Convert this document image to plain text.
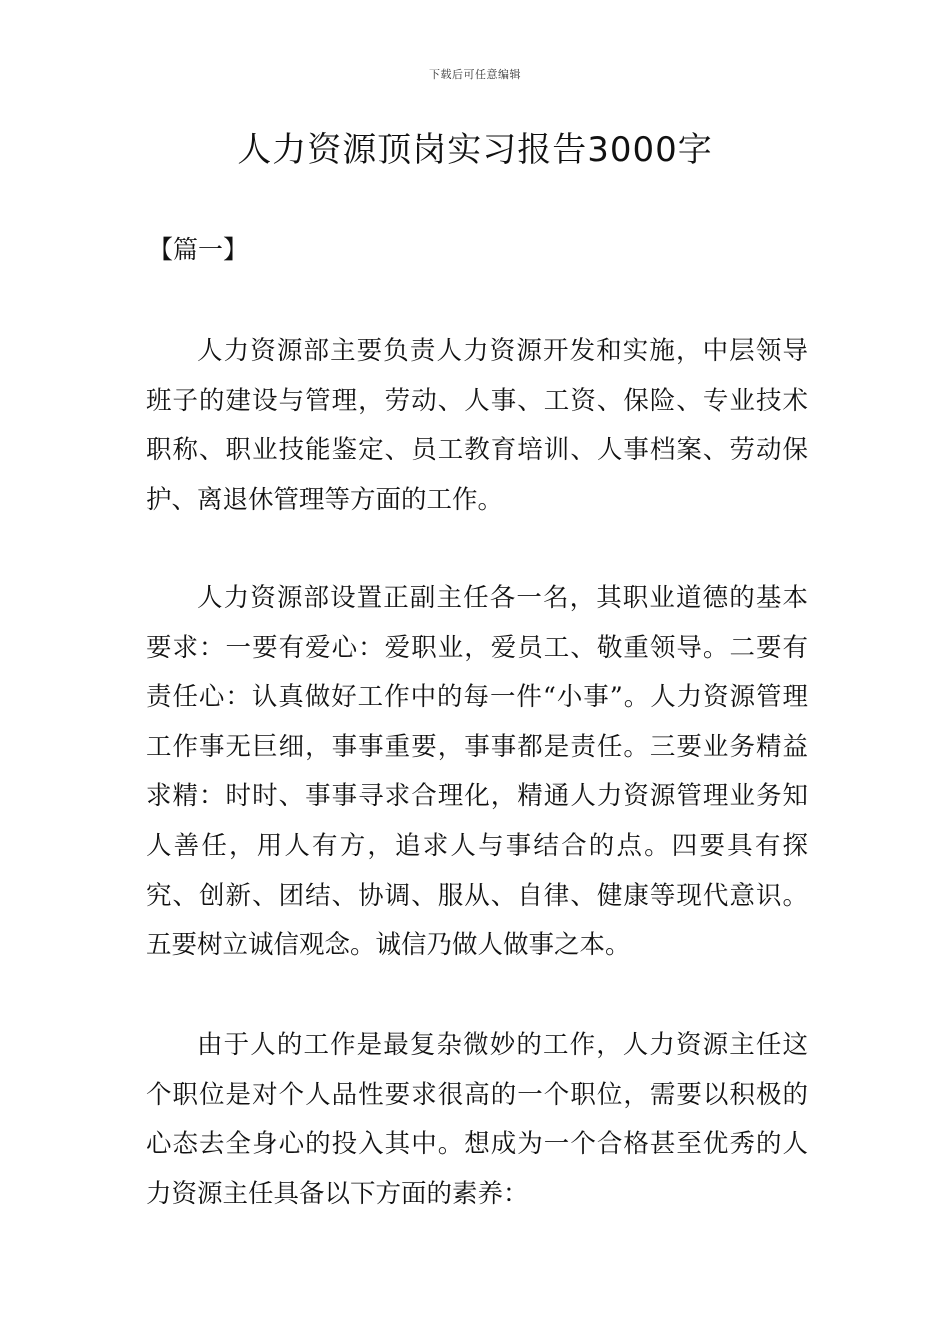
下载后可任意编辑
人力资源顶岗实习报告3000字

【篇一】

人力资源部主要负责人力资源开发和实施，中层领导班子的建设与管理，劳动、人事、工资、保险、专业技术职称、职业技能鉴定、员工教育培训、人事档案、劳动保护、离退休管理等方面的工作。

人力资源部设置正副主任各一名，其职业道德的基本要求：一要有爱心：爱职业，爱员工、敬重领导。二要有责任心：认真做好工作中的每一件“小事”。人力资源管理工作事无巨细，事事重要，事事都是责任。三要业务精益求精：时时、事事寻求合理化，精通人力资源管理业务知人善任，用人有方，追求人与事结合的点。四要具有探究、创新、团结、协调、服从、自律、健康等现代意识。五要树立诚信观念。诚信乃做人做事之本。

由于人的工作是最复杂微妙的工作，人力资源主任这个职位是对个人品性要求很高的一个职位，需要以积极的心态去全身心的投入其中。想成为一个合格甚至优秀的人力资源主任具备以下方面的素养：
